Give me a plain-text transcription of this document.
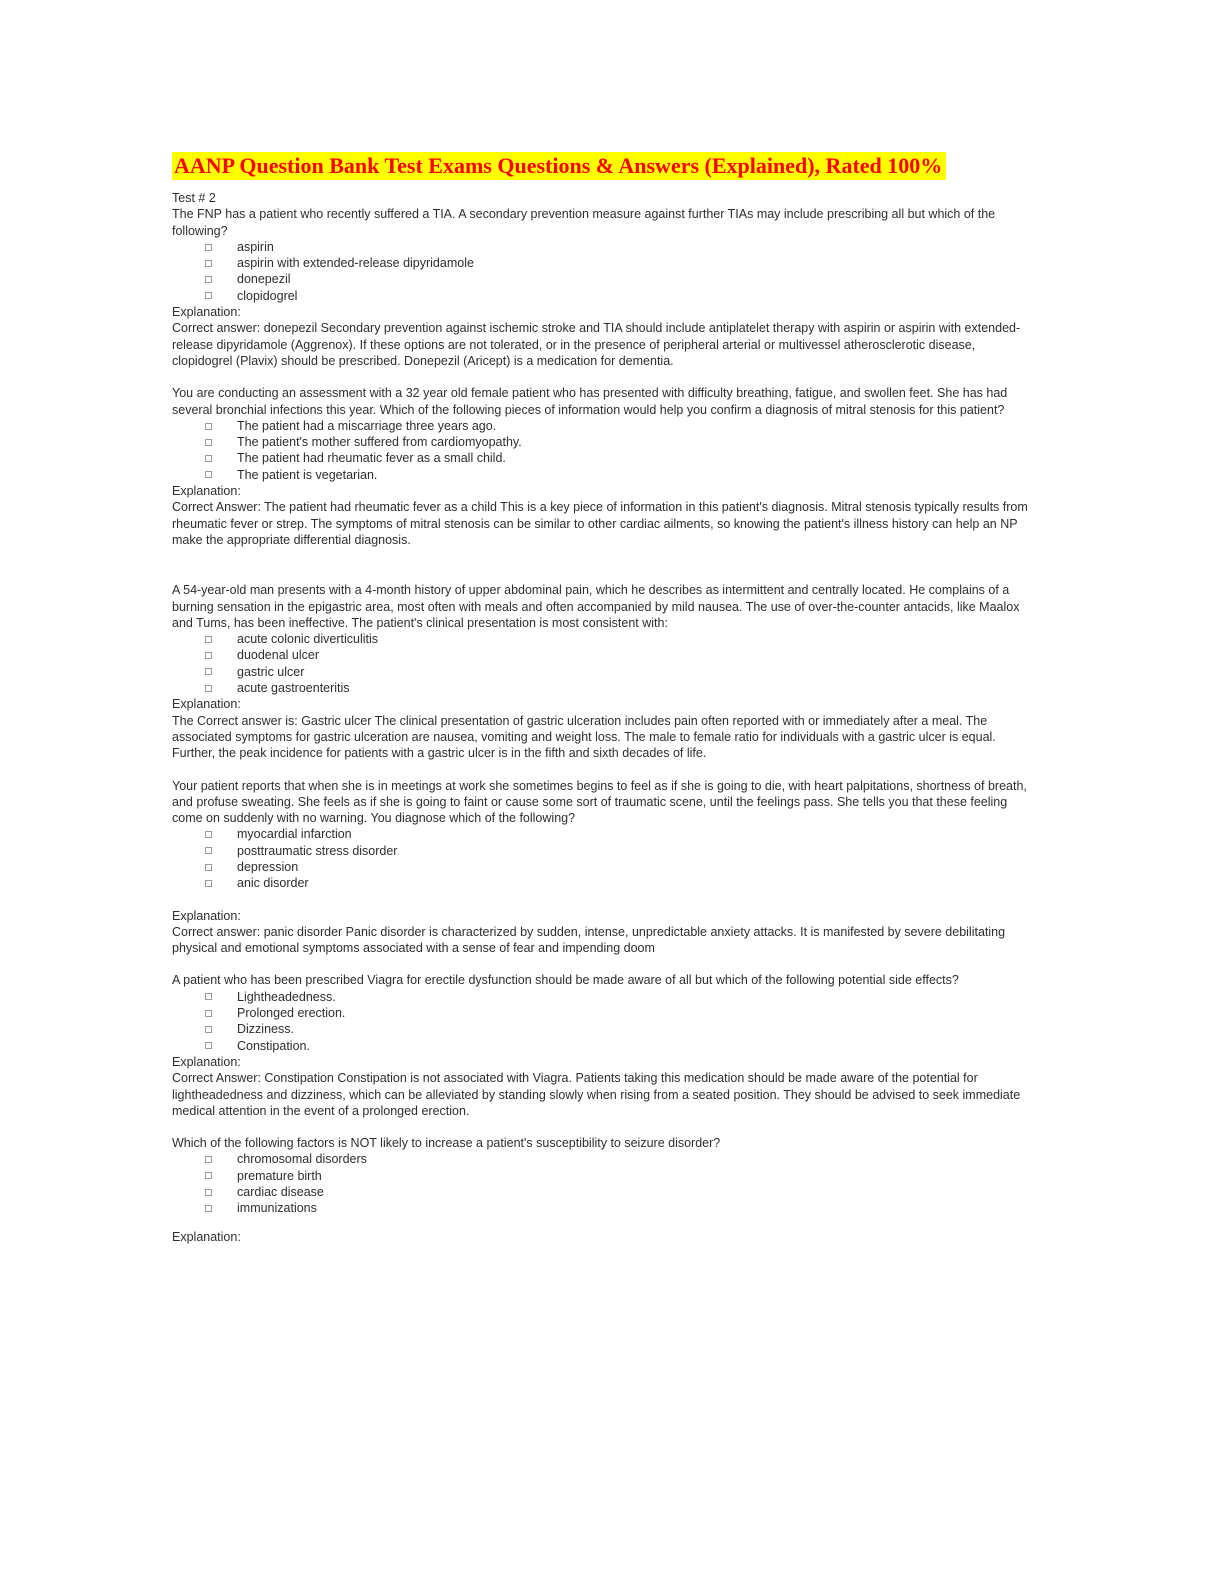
AANP Question Bank Test Exams Questions & Answers (Explained), Rated 100%

Test # 2

The FNP has a patient who recently suffered a TIA. A secondary prevention measure against further TIAs may include prescribing all but which of the following?

aspirin
aspirin with extended-release dipyridamole
donepezil
clopidogrel

Explanation:

Correct answer: donepezil Secondary prevention against ischemic stroke and TIA should include antiplatelet therapy with aspirin or aspirin with extended-release dipyridamole (Aggrenox). If these options are not tolerated, or in the presence of peripheral arterial or multivessel atherosclerotic disease, clopidogrel (Plavix) should be prescribed. Donepezil (Aricept) is a medication for dementia.

You are conducting an assessment with a 32 year old female patient who has presented with difficulty breathing, fatigue, and swollen feet. She has had several bronchial infections this year. Which of the following pieces of information would help you confirm a diagnosis of mitral stenosis for this patient?

The patient had a miscarriage three years ago.
The patient's mother suffered from cardiomyopathy.
The patient had rheumatic fever as a small child.
The patient is vegetarian.

Explanation:

Correct Answer: The patient had rheumatic fever as a child This is a key piece of information in this patient's diagnosis. Mitral stenosis typically results from rheumatic fever or strep. The symptoms of mitral stenosis can be similar to other cardiac ailments, so knowing the patient's illness history can help an NP make the appropriate differential diagnosis.

A 54-year-old man presents with a 4-month history of upper abdominal pain, which he describes as intermittent and centrally located. He complains of a burning sensation in the epigastric area, most often with meals and often accompanied by mild nausea. The use of over-the-counter antacids, like Maalox and Tums, has been ineffective. The patient's clinical presentation is most consistent with:

acute colonic diverticulitis
duodenal ulcer
gastric ulcer
acute gastroenteritis

Explanation:

The Correct answer is: Gastric ulcer The clinical presentation of gastric ulceration includes pain often reported with or immediately after a meal. The associated symptoms for gastric ulceration are nausea, vomiting and weight loss. The male to female ratio for individuals with a gastric ulcer is equal. Further, the peak incidence for patients with a gastric ulcer is in the fifth and sixth decades of life.

Your patient reports that when she is in meetings at work she sometimes begins to feel as if she is going to die, with heart palpitations, shortness of breath, and profuse sweating. She feels as if she is going to faint or cause some sort of traumatic scene, until the feelings pass. She tells you that these feeling come on suddenly with no warning. You diagnose which of the following?

myocardial infarction
posttraumatic stress disorder
depression
anic disorder

Explanation:

Correct answer: panic disorder Panic disorder is characterized by sudden, intense, unpredictable anxiety attacks. It is manifested by severe debilitating physical and emotional symptoms associated with a sense of fear and impending doom

A patient who has been prescribed Viagra for erectile dysfunction should be made aware of all but which of the following potential side effects?

Lightheadedness.
Prolonged erection.
Dizziness.
Constipation.

Explanation:

Correct Answer: Constipation Constipation is not associated with Viagra. Patients taking this medication should be made aware of the potential for lightheadedness and dizziness, which can be alleviated by standing slowly when rising from a seated position. They should be advised to seek immediate medical attention in the event of a prolonged erection.

Which of the following factors is NOT likely to increase a patient's susceptibility to seizure disorder?

chromosomal disorders
premature birth
cardiac disease
immunizations

Explanation:
